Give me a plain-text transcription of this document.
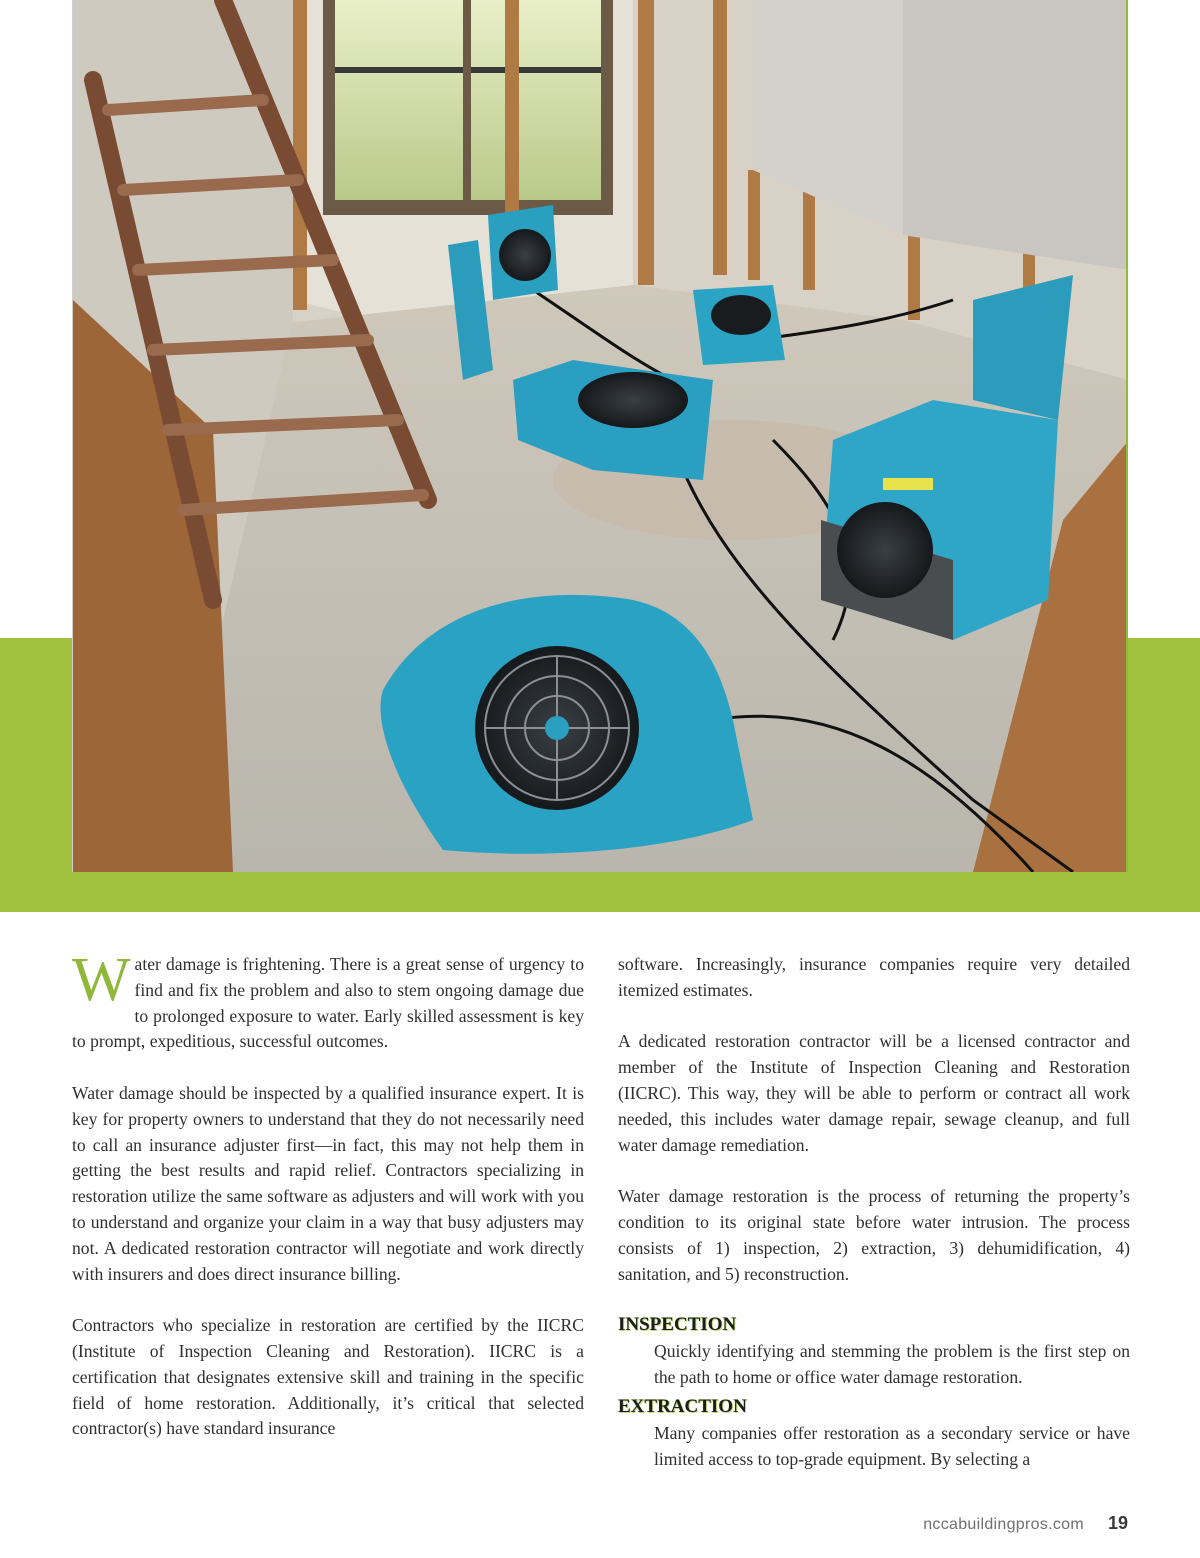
Water damage is frightening. There is a great sense of urgency to find and fix the problem and also to stem ongoing damage due to prolonged exposure to water. Early skilled assessment is key to prompt, expeditious, successful outcomes.

Water damage should be inspected by a qualified insurance expert. It is key for property owners to understand that they do not necessarily need to call an insurance adjuster first—in fact, this may not help them in getting the best results and rapid relief. Contractors specializing in restoration utilize the same software as adjusters and will work with you to understand and organize your claim in a way that busy adjusters may not. A dedicated restoration contractor will negotiate and work directly with insurers and does direct insurance billing.

Contractors who specialize in restoration are certified by the IICRC (Institute of Inspection Cleaning and Restoration). IICRC is a certification that designates extensive skill and training in the specific field of home restoration. Additionally, it’s critical that selected contractor(s) have standard insurance

software. Increasingly, insurance companies require very detailed itemized estimates.

A dedicated restoration contractor will be a licensed contractor and member of the Institute of Inspection Cleaning and Restoration (IICRC). This way, they will be able to perform or contract all work needed, this includes water damage repair, sewage cleanup, and full water damage remediation.

Water damage restoration is the process of returning the property’s condition to its original state before water intrusion. The process consists of 1) inspection, 2) extraction, 3) dehumidification, 4) sanitation, and 5) reconstruction.

INSPECTION

Quickly identifying and stemming the problem is the first step on the path to home or office water damage restoration.

EXTRACTION

Many companies offer restoration as a secondary service or have limited access to top-grade equipment. By selecting a

nccabuildingpros.com 19
